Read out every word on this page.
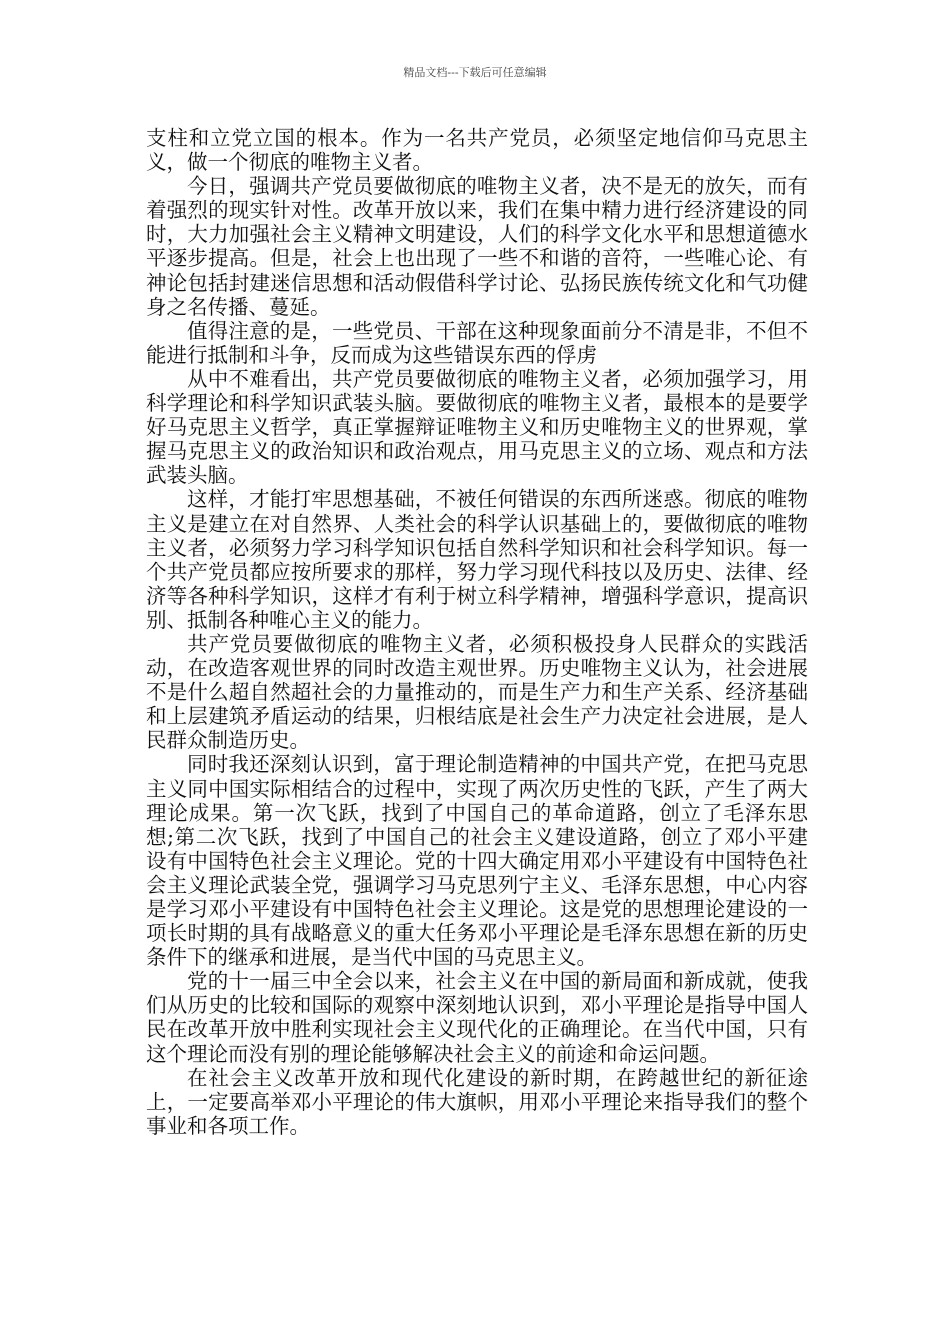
精品文档---下载后可任意编辑

支柱和立党立国的根本。作为一名共产党员，必须坚定地信仰马克思主义，做一个彻底的唯物主义者。

今日，强调共产党员要做彻底的唯物主义者，决不是无的放矢，而有着强烈的现实针对性。改革开放以来，我们在集中精力进行经济建设的同时，大力加强社会主义精神文明建设，人们的科学文化水平和思想道德水平逐步提高。但是，社会上也出现了一些不和谐的音符，一些唯心论、有神论包括封建迷信思想和活动假借科学讨论、弘扬民族传统文化和气功健身之名传播、蔓延。

值得注意的是，一些党员、干部在这种现象面前分不清是非，不但不能进行抵制和斗争，反而成为这些错误东西的俘虏

从中不难看出，共产党员要做彻底的唯物主义者，必须加强学习，用科学理论和科学知识武装头脑。要做彻底的唯物主义者，最根本的是要学好马克思主义哲学，真正掌握辩证唯物主义和历史唯物主义的世界观，掌握马克思主义的政治知识和政治观点，用马克思主义的立场、观点和方法武装头脑。

这样，才能打牢思想基础，不被任何错误的东西所迷惑。彻底的唯物主义是建立在对自然界、人类社会的科学认识基础上的，要做彻底的唯物主义者，必须努力学习科学知识包括自然科学知识和社会科学知识。每一个共产党员都应按所要求的那样，努力学习现代科技以及历史、法律、经济等各种科学知识，这样才有利于树立科学精神，增强科学意识，提高识别、抵制各种唯心主义的能力。

共产党员要做彻底的唯物主义者，必须积极投身人民群众的实践活动，在改造客观世界的同时改造主观世界。历史唯物主义认为，社会进展不是什么超自然超社会的力量推动的，而是生产力和生产关系、经济基础和上层建筑矛盾运动的结果，归根结底是社会生产力决定社会进展，是人民群众制造历史。

同时我还深刻认识到，富于理论制造精神的中国共产党，在把马克思主义同中国实际相结合的过程中，实现了两次历史性的飞跃，产生了两大理论成果。第一次飞跃，找到了中国自己的革命道路，创立了毛泽东思想;第二次飞跃，找到了中国自己的社会主义建设道路，创立了邓小平建设有中国特色社会主义理论。党的十四大确定用邓小平建设有中国特色社会主义理论武装全党，强调学习马克思列宁主义、毛泽东思想，中心内容是学习邓小平建设有中国特色社会主义理论。这是党的思想理论建设的一项长时期的具有战略意义的重大任务邓小平理论是毛泽东思想在新的历史条件下的继承和进展，是当代中国的马克思主义。

党的十一届三中全会以来，社会主义在中国的新局面和新成就，使我们从历史的比较和国际的观察中深刻地认识到，邓小平理论是指导中国人民在改革开放中胜利实现社会主义现代化的正确理论。在当代中国，只有这个理论而没有别的理论能够解决社会主义的前途和命运问题。

在社会主义改革开放和现代化建设的新时期，在跨越世纪的新征途上，一定要高举邓小平理论的伟大旗帜，用邓小平理论来指导我们的整个事业和各项工作。
